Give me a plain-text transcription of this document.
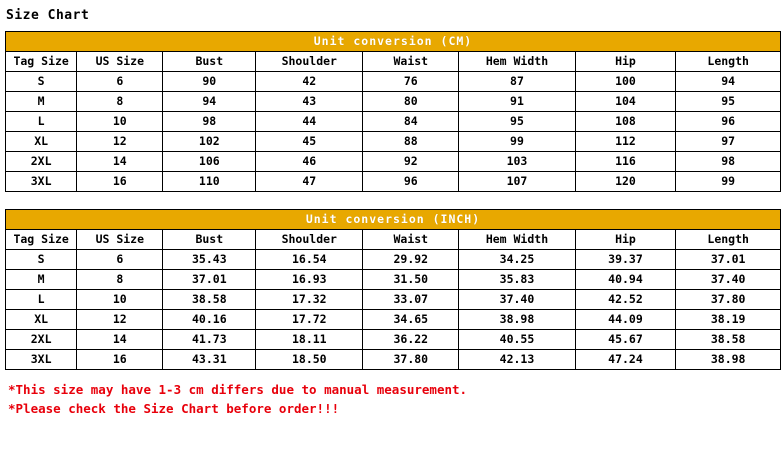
Size Chart
Unit conversion (CM)							
Tag Size	US Size	Bust	Shoulder	Waist	Hem Width	Hip	Length
S	6	90	42	76	87	100	94
M	8	94	43	80	91	104	95
L	10	98	44	84	95	108	96
XL	12	102	45	88	99	112	97
2XL	14	106	46	92	103	116	98
3XL	16	110	47	96	107	120	99
Unit conversion (INCH)							
Tag Size	US Size	Bust	Shoulder	Waist	Hem Width	Hip	Length
S	6	35.43	16.54	29.92	34.25	39.37	37.01
M	8	37.01	16.93	31.50	35.83	40.94	37.40
L	10	38.58	17.32	33.07	37.40	42.52	37.80
XL	12	40.16	17.72	34.65	38.98	44.09	38.19
2XL	14	41.73	18.11	36.22	40.55	45.67	38.58
3XL	16	43.31	18.50	37.80	42.13	47.24	38.98
*This size may have 1-3 cm differs due to manual measurement.
*Please check the Size Chart before order!!!
